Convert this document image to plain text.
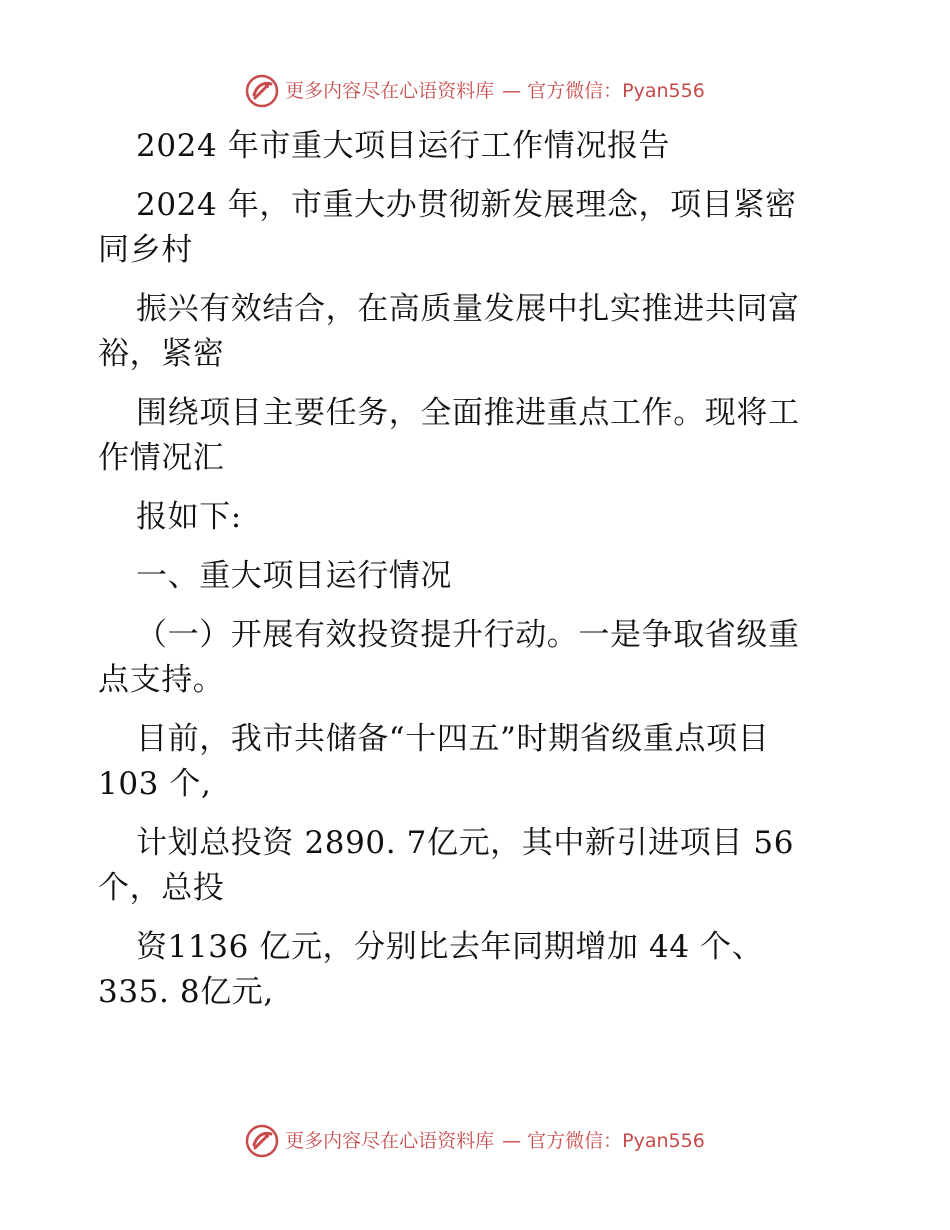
更多内容尽在心语资料库 — 官方微信：Pyan556

2024 年市重大项目运行工作情况报告

2024 年，市重大办贯彻新发展理念，项目紧密

同乡村

振兴有效结合，在高质量发展中扎实推进共同富

裕，紧密

围绕项目主要任务，全面推进重点工作。现将工

作情况汇

报如下:

一、重大项目运行情况

（一）开展有效投资提升行动。一是争取省级重

点支持。

目前，我市共储备“十四五”时期省级重点项目

103 个,

计划总投资 2890. 7亿元，其中新引进项目 56

个，总投

资1136 亿元，分别比去年同期增加 44 个、

335. 8亿元,

更多内容尽在心语资料库 — 官方微信：Pyan556
